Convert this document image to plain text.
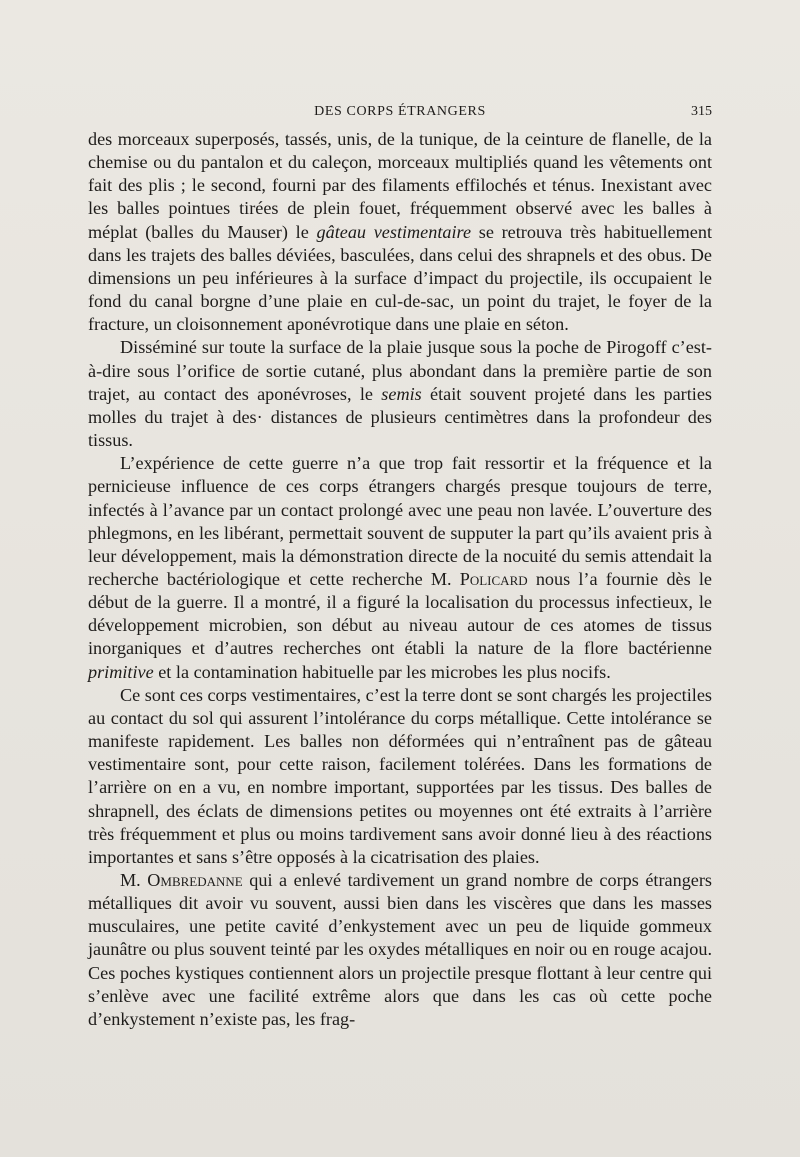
DES CORPS ÉTRANGERS	315

des morceaux superposés, tassés, unis, de la tunique, de la ceinture de flanelle, de la chemise ou du pantalon et du caleçon, morceaux multipliés quand les vêtements ont fait des plis ; le second, fourni par des filaments effilochés et ténus. Inexistant avec les balles pointues tirées de plein fouet, fréquemment observé avec les balles à méplat (balles du Mauser) le gâteau vestimentaire se retrouva très habituellement dans les trajets des balles déviées, basculées, dans celui des shrapnels et des obus. De dimensions un peu inférieures à la surface d’impact du projectile, ils occupaient le fond du canal borgne d’une plaie en cul-de-sac, un point du trajet, le foyer de la fracture, un cloisonnement aponévrotique dans une plaie en séton.

Disséminé sur toute la surface de la plaie jusque sous la poche de Pirogoff c’est-à-dire sous l’orifice de sortie cutané, plus abondant dans la première partie de son trajet, au contact des aponévroses, le semis était souvent projeté dans les parties molles du trajet à des· distances de plusieurs centimètres dans la profondeur des tissus.

L’expérience de cette guerre n’a que trop fait ressortir et la fréquence et la pernicieuse influence de ces corps étrangers chargés presque toujours de terre, infectés à l’avance par un contact prolongé avec une peau non lavée. L’ouverture des phlegmons, en les libérant, permettait souvent de supputer la part qu’ils avaient pris à leur développement, mais la démonstration directe de la nocuité du semis attendait la recherche bactériologique et cette recherche M. Policard nous l’a fournie dès le début de la guerre. Il a montré, il a figuré la localisation du processus infectieux, le développement microbien, son début au niveau autour de ces atomes de tissus inorganiques et d’autres recherches ont établi la nature de la flore bactérienne primitive et la contamination habituelle par les microbes les plus nocifs.

Ce sont ces corps vestimentaires, c’est la terre dont se sont chargés les projectiles au contact du sol qui assurent l’intolérance du corps métallique. Cette intolérance se manifeste rapidement. Les balles non déformées qui n’entraînent pas de gâteau vestimentaire sont, pour cette raison, facilement tolérées. Dans les formations de l’arrière on en a vu, en nombre important, supportées par les tissus. Des balles de shrapnell, des éclats de dimensions petites ou moyennes ont été extraits à l’arrière très fréquemment et plus ou moins tardivement sans avoir donné lieu à des réactions importantes et sans s’être opposés à la cicatrisation des plaies.

M. Ombredanne qui a enlevé tardivement un grand nombre de corps étrangers métalliques dit avoir vu souvent, aussi bien dans les viscères que dans les masses musculaires, une petite cavité d’enkystement avec un peu de liquide gommeux jaunâtre ou plus souvent teinté par les oxydes métalliques en noir ou en rouge acajou. Ces poches kystiques contiennent alors un projectile presque flottant à leur centre qui s’enlève avec une facilité extrême alors que dans les cas où cette poche d’enkystement n’existe pas, les frag-
